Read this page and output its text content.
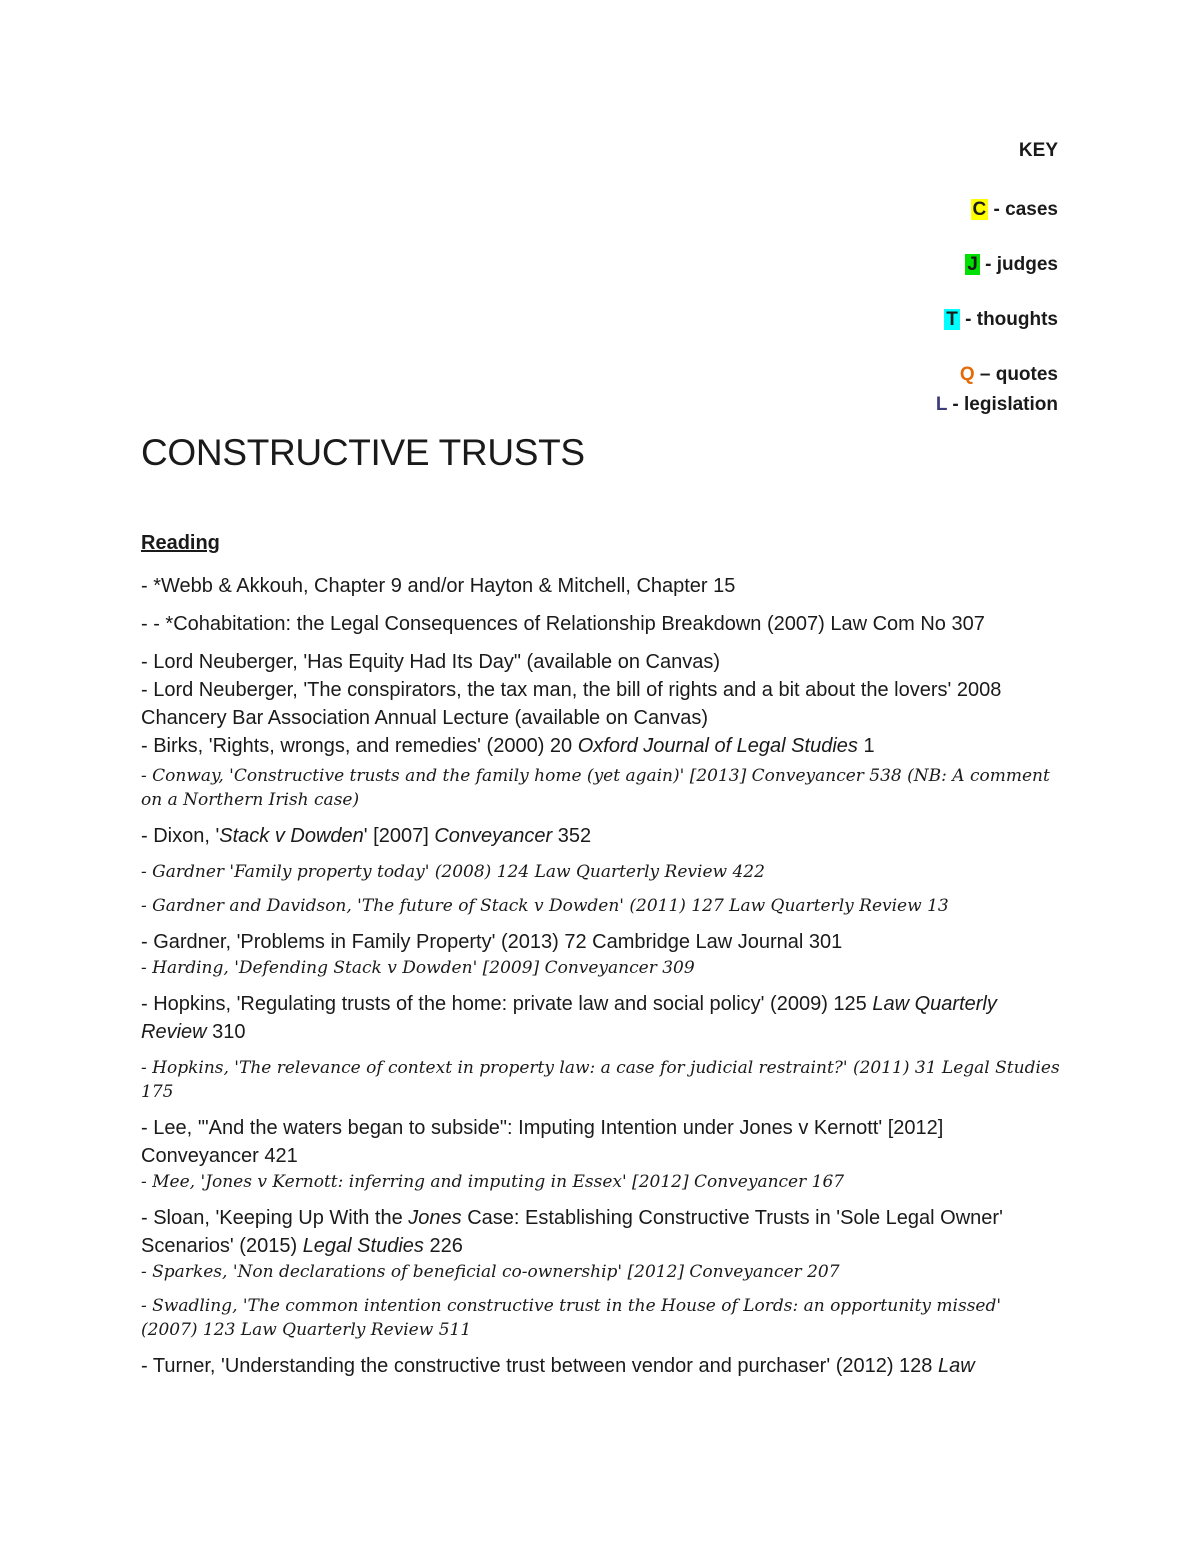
KEY
C - cases
J - judges
T - thoughts
Q – quotes
L - legislation
CONSTRUCTIVE TRUSTS
Reading
- *Webb & Akkouh, Chapter 9 and/or Hayton & Mitchell, Chapter 15
- - *Cohabitation: the Legal Consequences of Relationship Breakdown (2007) Law Com No 307
- Lord Neuberger, 'Has Equity Had Its Day" (available on Canvas)
- Lord Neuberger, 'The conspirators, the tax man, the bill of rights and a bit about the lovers' 2008 Chancery Bar Association Annual Lecture (available on Canvas)
- Birks, 'Rights, wrongs, and remedies' (2000) 20 Oxford Journal of Legal Studies 1
- Conway, 'Constructive trusts and the family home (yet again)' [2013] Conveyancer 538 (NB: A comment on a Northern Irish case)
- Dixon, 'Stack v Dowden' [2007] Conveyancer 352
- Gardner 'Family property today' (2008) 124 Law Quarterly Review 422
- Gardner and Davidson, 'The future of Stack v Dowden' (2011) 127 Law Quarterly Review 13
- Gardner, 'Problems in Family Property' (2013) 72 Cambridge Law Journal 301
- Harding, 'Defending Stack v Dowden' [2009] Conveyancer 309
- Hopkins, 'Regulating trusts of the home: private law and social policy' (2009) 125 Law Quarterly Review 310
- Hopkins, 'The relevance of context in property law: a case for judicial restraint?' (2011) 31 Legal Studies 175
- Lee, '"And the waters began to subside": Imputing Intention under Jones v Kernott' [2012] Conveyancer 421
- Mee, 'Jones v Kernott: inferring and imputing in Essex' [2012] Conveyancer 167
- Sloan, 'Keeping Up With the Jones Case: Establishing Constructive Trusts in 'Sole Legal Owner' Scenarios' (2015) Legal Studies 226
- Sparkes, 'Non declarations of beneficial co-ownership' [2012] Conveyancer 207
- Swadling, 'The common intention constructive trust in the House of Lords: an opportunity missed' (2007) 123 Law Quarterly Review 511
- Turner, 'Understanding the constructive trust between vendor and purchaser' (2012) 128 Law
